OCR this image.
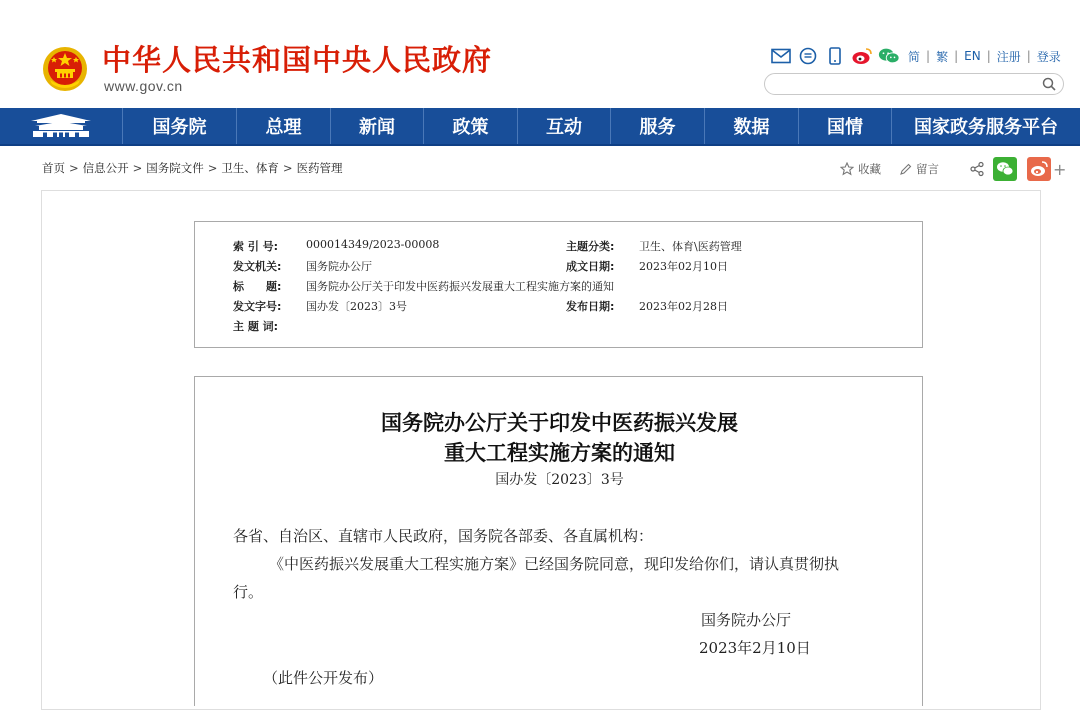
中华人民共和国中央人民政府
www.gov.cn
简 | 繁 | EN | 注册 | 登录
国务院	总理	新闻	政策	互动	服务	数据	国情	国家政务服务平台
首页 > 信息公开 > 国务院文件 > 卫生、体育 > 医药管理	收藏	留言	+
索 引 号:	000014349/2023-00008	主题分类: 卫生、体育\医药管理
发文机关: 国务院办公厅	成文日期: 2023年02月10日
标　　题: 国务院办公厅关于印发中医药振兴发展重大工程实施方案的通知
发文字号: 国办发〔2023〕3号	发布日期: 2023年02月28日
主 题 词:
国务院办公厅关于印发中医药振兴发展
重大工程实施方案的通知
国办发〔2023〕3号
各省、自治区、直辖市人民政府，国务院各部委、各直属机构：
《中医药振兴发展重大工程实施方案》已经国务院同意，现印发给你们，请认真贯彻执
行。
国务院办公厅
2023年2月10日
（此件公开发布）
